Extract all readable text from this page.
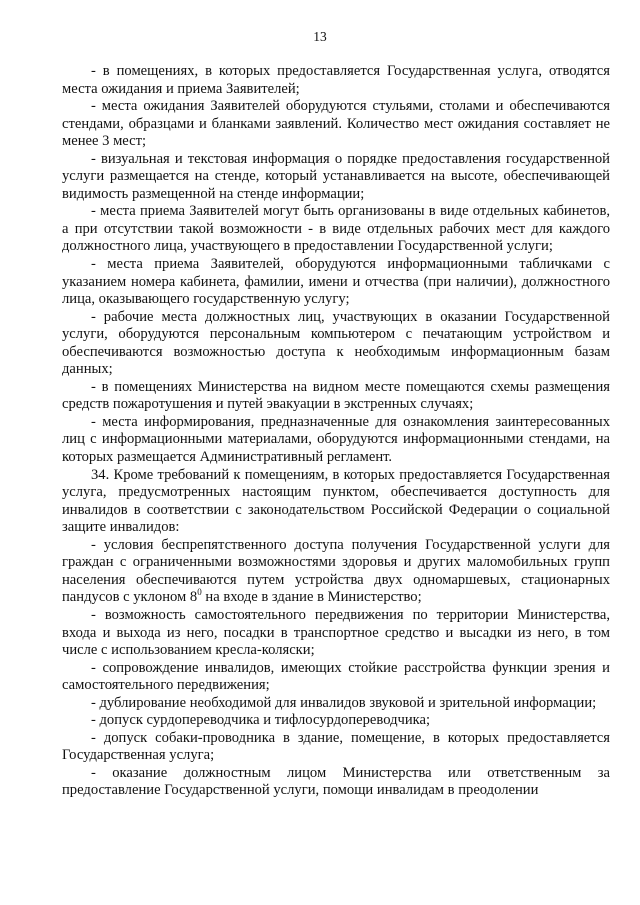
13

- в помещениях, в которых предоставляется Государственная услуга, отводятся места ожидания и приема Заявителей;

- места ожидания Заявителей оборудуются стульями, столами и обеспечиваются стендами, образцами и бланками заявлений. Количество мест ожидания составляет не менее 3 мест;

- визуальная и текстовая информация о порядке предоставления государственной услуги размещается на стенде, который устанавливается на высоте, обеспечивающей видимость размещенной на стенде информации;

- места приема Заявителей могут быть организованы в виде отдельных кабинетов, а при отсутствии такой возможности - в виде отдельных рабочих мест для каждого должностного лица, участвующего в предоставлении Государственной услуги;

- места приема Заявителей, оборудуются информационными табличками с указанием номера кабинета, фамилии, имени и отчества (при наличии), должностного лица, оказывающего государственную услугу;

- рабочие места должностных лиц, участвующих в оказании Государственной услуги, оборудуются персональным компьютером с печатающим устройством и обеспечиваются возможностью доступа к необходимым информационным базам данных;

- в помещениях Министерства на видном месте помещаются схемы размещения средств пожаротушения и путей эвакуации в экстренных случаях;

- места информирования, предназначенные для ознакомления заинтересованных лиц с информационными материалами, оборудуются информационными стендами, на которых размещается Административный регламент.

34. Кроме требований к помещениям, в которых предоставляется Государственная услуга, предусмотренных настоящим пунктом, обеспечивается доступность для инвалидов в соответствии с законодательством Российской Федерации о социальной защите инвалидов:

- условия беспрепятственного доступа получения Государственной услуги для граждан с ограниченными возможностями здоровья и других маломобильных групп населения обеспечиваются путем устройства двух одномаршевых, стационарных пандусов с уклоном $8^0$ на входе в здание в Министерство;

- возможность самостоятельного передвижения по территории Министерства, входа и выхода из него, посадки в транспортное средство и высадки из него, в том числе с использованием кресла-коляски;

- сопровождение инвалидов, имеющих стойкие расстройства функции зрения и самостоятельного передвижения;

- дублирование необходимой для инвалидов звуковой и зрительной информации;

- допуск сурдопереводчика и тифлосурдопереводчика;

- допуск собаки-проводника в здание, помещение, в которых предоставляется Государственная услуга;

- оказание должностным лицом Министерства или ответственным за предоставление Государственной услуги, помощи инвалидам в преодолении
